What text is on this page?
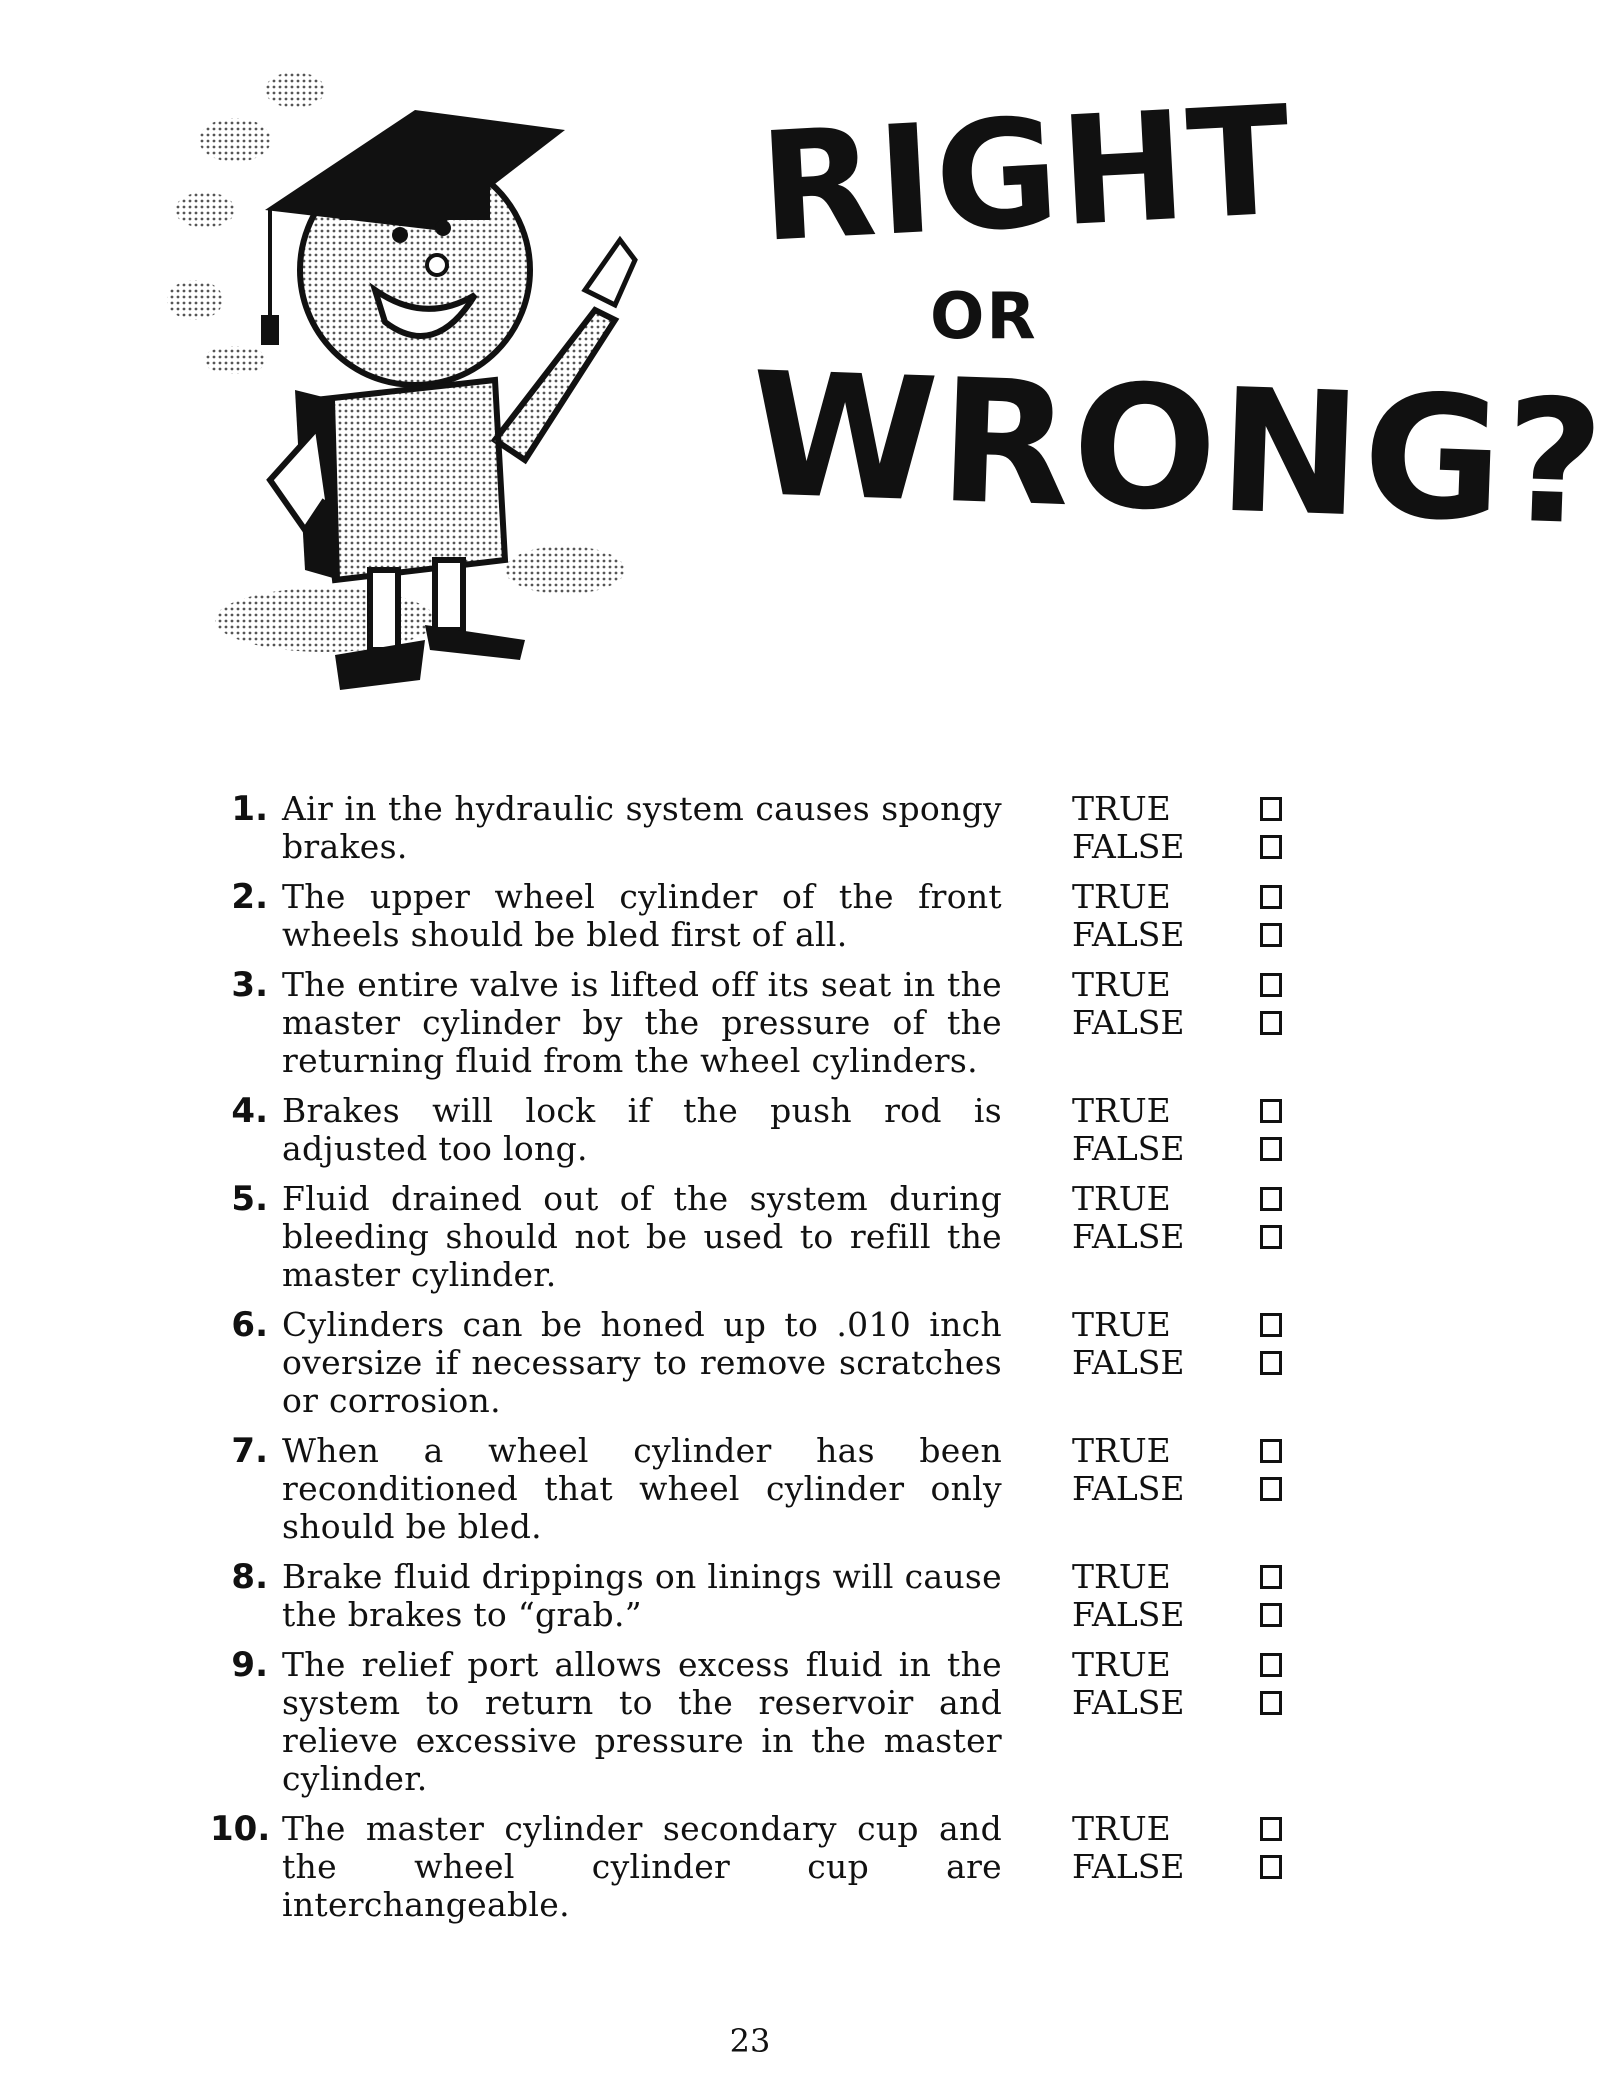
RIGHT
OR
WRONG?
1. Air in the hydraulic system causes spongy brakes.
TRUE
FALSE
2. The upper wheel cylinder of the front wheels should be bled first of all.
TRUE
FALSE
3. The entire valve is lifted off its seat in the master cylinder by the pressure of the returning fluid from the wheel cylinders.
TRUE
FALSE
4. Brakes will lock if the push rod is adjusted too long.
TRUE
FALSE
5. Fluid drained out of the system during bleeding should not be used to refill the master cylinder.
TRUE
FALSE
6. Cylinders can be honed up to .010 inch oversize if necessary to remove scratches or corrosion.
TRUE
FALSE
7. When a wheel cylinder has been reconditioned that wheel cylinder only should be bled.
TRUE
FALSE
8. Brake fluid drippings on linings will cause the brakes to “grab.”
TRUE
FALSE
9. The relief port allows excess fluid in the system to return to the reservoir and relieve excessive pressure in the master cylinder.
TRUE
FALSE
10. The master cylinder secondary cup and the wheel cylinder cup are interchangeable.
TRUE
FALSE
23
